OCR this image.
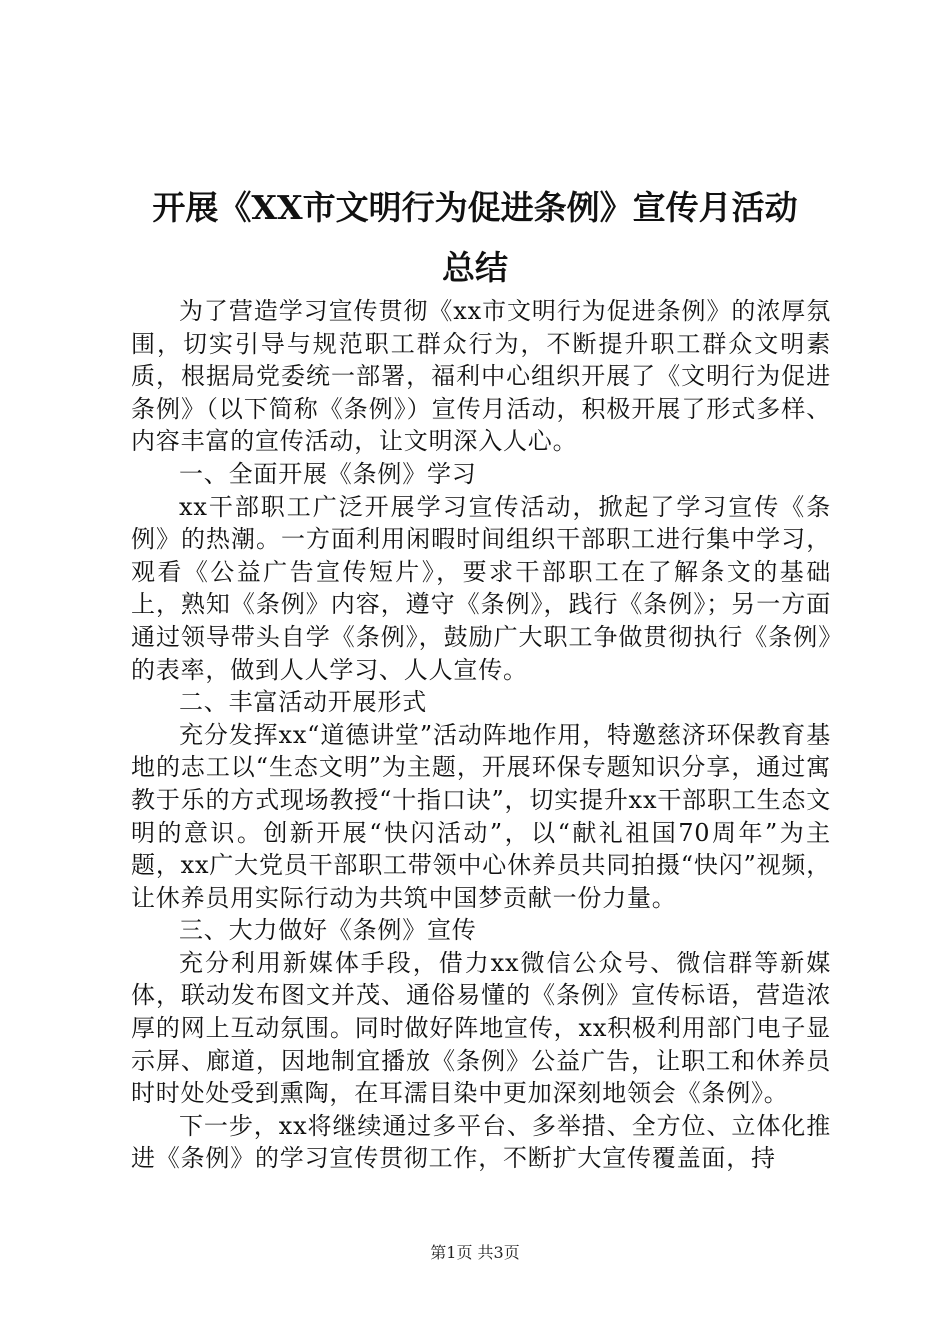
开展《XX市文明行为促进条例》宣传月活动
总结

为了营造学习宣传贯彻《xx市文明行为促进条例》的浓厚氛围，切实引导与规范职工群众行为，不断提升职工群众文明素质，根据局党委统一部署，福利中心组织开展了《文明行为促进条例》（以下简称《条例》）宣传月活动，积极开展了形式多样、内容丰富的宣传活动，让文明深入人心。

一、全面开展《条例》学习

xx干部职工广泛开展学习宣传活动，掀起了学习宣传《条例》的热潮。一方面利用闲暇时间组织干部职工进行集中学习，观看《公益广告宣传短片》，要求干部职工在了解条文的基础上，熟知《条例》内容，遵守《条例》，践行《条例》；另一方面通过领导带头自学《条例》，鼓励广大职工争做贯彻执行《条例》的表率，做到人人学习、人人宣传。

二、丰富活动开展形式

充分发挥xx“道德讲堂”活动阵地作用，特邀慈济环保教育基地的志工以“生态文明”为主题，开展环保专题知识分享，通过寓教于乐的方式现场教授“十指口诀”，切实提升xx干部职工生态文明的意识。创新开展“快闪活动”，以“献礼祖国70周年”为主题，xx广大党员干部职工带领中心休养员共同拍摄“快闪”视频，让休养员用实际行动为共筑中国梦贡献一份力量。

三、大力做好《条例》宣传

充分利用新媒体手段，借力xx微信公众号、微信群等新媒体，联动发布图文并茂、通俗易懂的《条例》宣传标语，营造浓厚的网上互动氛围。同时做好阵地宣传，xx积极利用部门电子显示屏、廊道，因地制宜播放《条例》公益广告，让职工和休养员时时处处受到熏陶，在耳濡目染中更加深刻地领会《条例》。

下一步，xx将继续通过多平台、多举措、全方位、立体化推进《条例》的学习宣传贯彻工作，不断扩大宣传覆盖面，持

第1页 共3页
